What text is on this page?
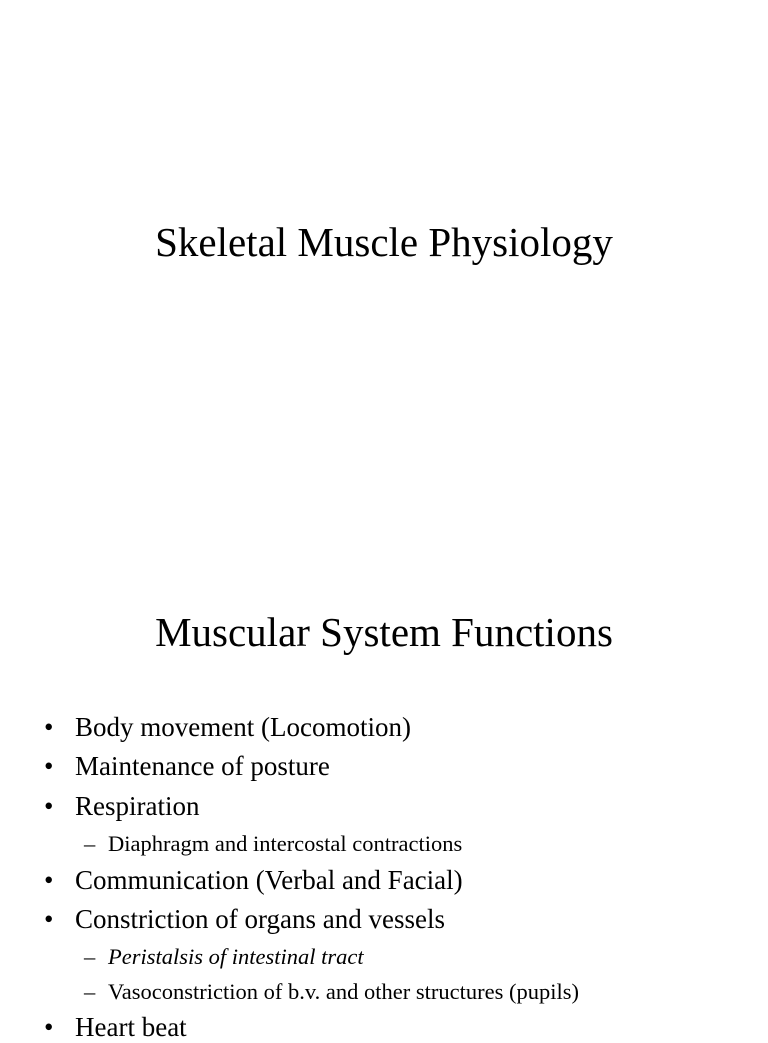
Skeletal Muscle Physiology
Muscular System Functions
• Body movement (Locomotion)
• Maintenance of posture
• Respiration
– Diaphragm and intercostal contractions
• Communication (Verbal and Facial)
• Constriction of organs and vessels
– Peristalsis of intestinal tract
– Vasoconstriction of b.v. and other structures (pupils)
• Heart beat
